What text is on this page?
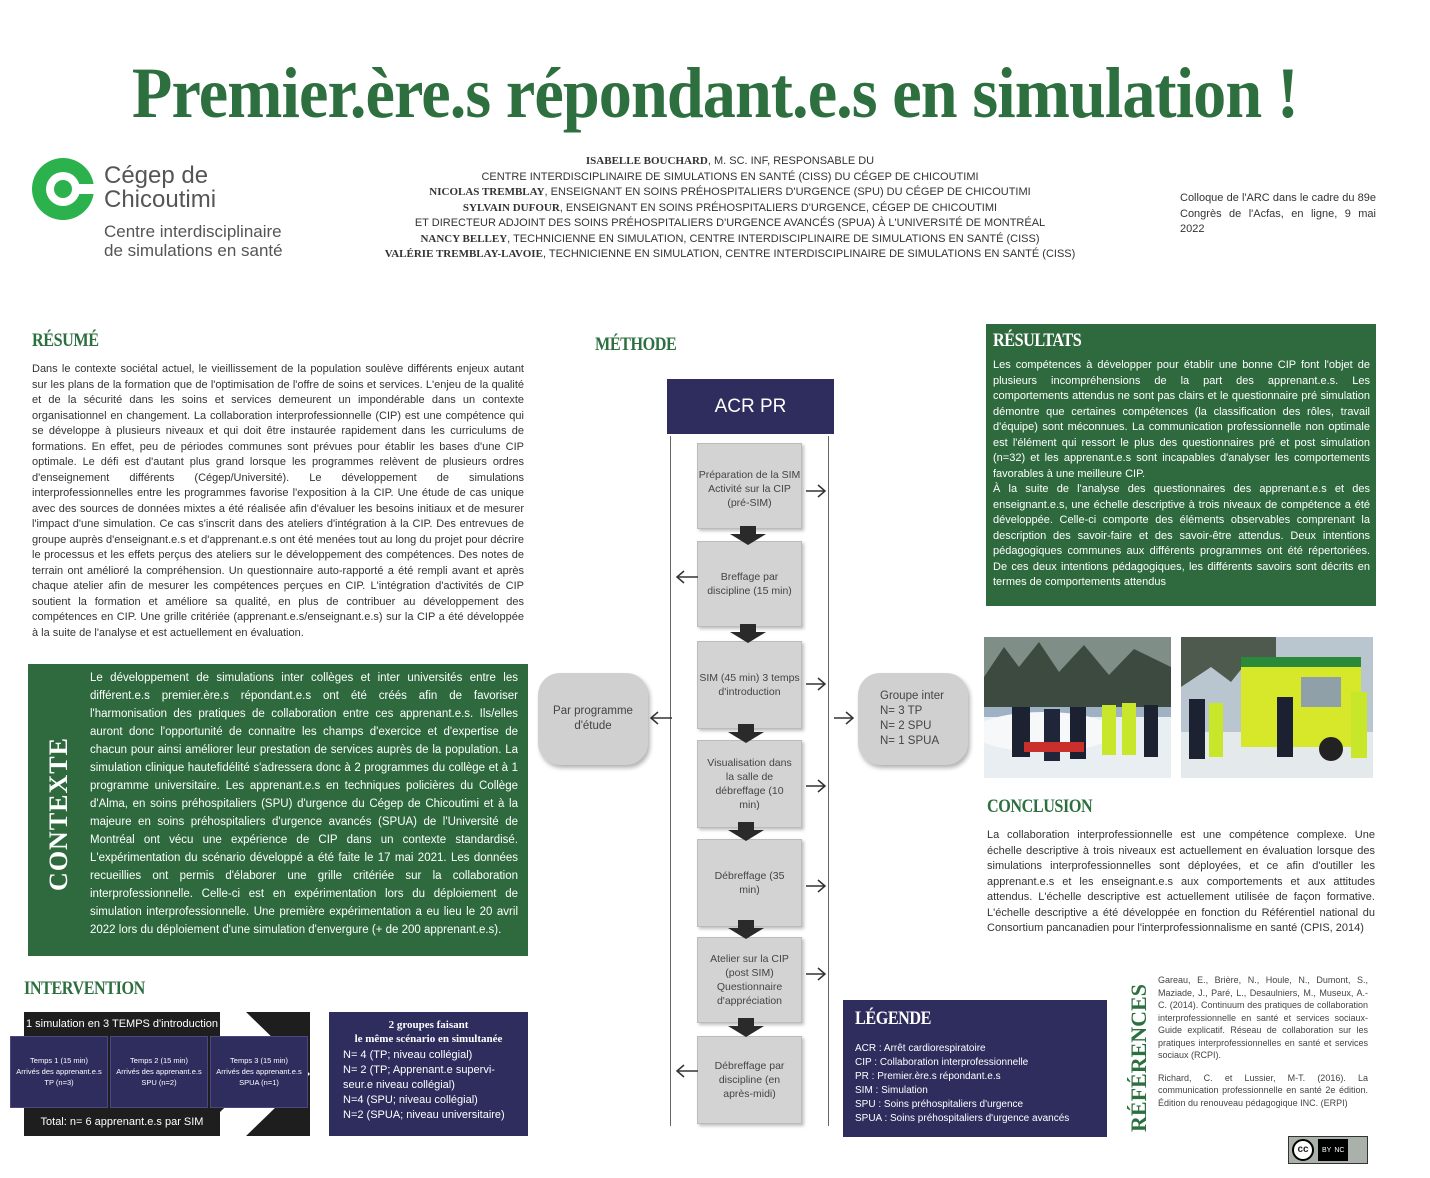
Premier.ère.s répondant.e.s en simulation !
Cégep de
Chicoutimi
Centre interdisciplinaire
de simulations en santé
ISABELLE BOUCHARD, M. SC. INF, RESPONSABLE DU
CENTRE INTERDISCIPLINAIRE DE SIMULATIONS EN SANTÉ (CISS) DU CÉGEP DE CHICOUTIMI
NICOLAS TREMBLAY, ENSEIGNANT EN SOINS PRÉHOSPITALIERS D'URGENCE (SPU) DU CÉGEP DE CHICOUTIMI
SYLVAIN DUFOUR, ENSEIGNANT EN SOINS PRÉHOSPITALIERS D'URGENCE, CÉGEP DE CHICOUTIMI
ET DIRECTEUR ADJOINT DES SOINS PRÉHOSPITALIERS D'URGENCE AVANCÉS (SPUA) À L'UNIVERSITÉ DE MONTRÉAL
NANCY BELLEY, TECHNICIENNE EN SIMULATION, CENTRE INTERDISCIPLINAIRE DE SIMULATIONS EN SANTÉ (CISS)
VALÉRIE TREMBLAY-LAVOIE, TECHNICIENNE EN SIMULATION, CENTRE INTERDISCIPLINAIRE DE SIMULATIONS EN SANTÉ (CISS)
Colloque de l'ARC dans le cadre du 89e Congrès de l'Acfas, en ligne, 9 mai 2022
RÉSUMÉ
Dans le contexte sociétal actuel, le vieillissement de la population soulève différents enjeux autant sur les plans de la formation que de l'optimisation de l'offre de soins et services. L'enjeu de la qualité et de la sécurité dans les soins et services demeurent un impondérable dans un contexte organisationnel en changement. La collaboration interprofessionnelle (CIP) est une compétence qui se développe à plusieurs niveaux et qui doit être instaurée rapidement dans les curriculums de formations. En effet, peu de périodes communes sont prévues pour établir les bases d'une CIP optimale. Le défi est d'autant plus grand lorsque les programmes relèvent de plusieurs ordres d'enseignement différents (Cégep/Université). Le développement de simulations interprofessionnelles entre les programmes favorise l'exposition à la CIP. Une étude de cas unique avec des sources de données mixtes a été réalisée afin d'évaluer les besoins initiaux et de mesurer l'impact d'une simulation. Ce cas s'inscrit dans des ateliers d'intégration à la CIP. Des entrevues de groupe auprès d'enseignant.e.s et d'apprenant.e.s ont été menées tout au long du projet pour décrire le processus et les effets perçus des ateliers sur le développement des compétences. Des notes de terrain ont amélioré la compréhension. Un questionnaire auto-rapporté a été rempli avant et après chaque atelier afin de mesurer les compétences perçues en CIP. L'intégration d'activités de CIP soutient la formation et améliore sa qualité, en plus de contribuer au développement des compétences en CIP. Une grille critériée (apprenant.e.s/enseignant.e.s) sur la CIP a été développée à la suite de l'analyse et est actuellement en évaluation.
CONTEXTE
Le développement de simulations inter collèges et inter universités entre les différent.e.s premier.ère.s répondant.e.s ont été créés afin de favoriser l'harmonisation des pratiques de collaboration entre ces apprenant.e.s. Ils/elles auront donc l'opportunité de connaitre les champs d'exercice et d'expertise de chacun pour ainsi améliorer leur prestation de services auprès de la population. La simulation clinique hautefidélité s'adressera donc à 2 programmes du collège et à 1 programme universitaire. Les apprenant.e.s en techniques policières du Collège d'Alma, en soins préhospitaliers (SPU) d'urgence du Cégep de Chicoutimi et à la majeure en soins préhospitaliers d'urgence avancés (SPUA) de l'Université de Montréal ont vécu une expérience de CIP dans un contexte standardisé. L'expérimentation du scénario développé a été faite le 17 mai 2021. Les données recueillies ont permis d'élaborer une grille critériée sur la collaboration interprofessionnelle. Celle-ci est en expérimentation lors du déploiement de simulation interprofessionnelle. Une première expérimentation a eu lieu le 20 avril 2022 lors du déploiement d'une simulation d'envergure (+ de 200 apprenant.e.s).
INTERVENTION
1 simulation en 3 TEMPS d'introduction
Temps 1 (15 min)
Arrivés des apprenant.e.s
TP (n=3)
Temps 2 (15 min)
Arrivés des apprenant.e.s
SPU (n=2)
Temps 3 (15 min)
Arrivés des apprenant.e.s
SPUA (n=1)
Total: n= 6 apprenant.e.s par SIM
2 groupes faisant
le même scénario en simultanée
N= 4 (TP; niveau collégial)
N= 2 (TP; Apprenant.e supervi-seur.e niveau collégial)
N=4 (SPU; niveau collégial)
N=2 (SPUA; niveau universitaire)
MÉTHODE
ACR PR
Préparation de la SIM Activité sur la CIP (pré-SIM)
Breffage par discipline (15 min)
SIM (45 min) 3 temps d'introduction
Visualisation dans la salle de débreffage (10 min)
Débreffage (35 min)
Atelier sur la CIP (post SIM) Questionnaire d'appréciation
Débreffage par discipline (en après-midi)
Par programme d'étude
Groupe inter
N= 3 TP
N= 2 SPU
N= 1 SPUA
RÉSULTATS
Les compétences à développer pour établir une bonne CIP font l'objet de plusieurs incompréhensions de la part des apprenant.e.s. Les comportements attendus ne sont pas clairs et le questionnaire pré simulation démontre que certaines compétences (la classification des rôles, travail d'équipe) sont méconnues. La communication professionnelle non optimale est l'élément qui ressort le plus des questionnaires pré et post simulation (n=32) et les apprenant.e.s sont incapables d'analyser les comportements favorables à une meilleure CIP.
À la suite de l'analyse des questionnaires des apprenant.e.s et des enseignant.e.s, une échelle descriptive à trois niveaux de compétence a été développée. Celle-ci comporte des éléments observables comprenant la description des savoir-faire et des savoir-être attendus. Deux intentions pédagogiques communes aux différents programmes ont été répertoriées. De ces deux intentions pédagogiques, les différents savoirs sont décrits en termes de comportements attendus
CONCLUSION
La collaboration interprofessionnelle est une compétence complexe. Une échelle descriptive à trois niveaux est actuellement en évaluation lorsque des simulations interprofessionnelles sont déployées, et ce afin d'outiller les apprenant.e.s et les enseignant.e.s aux comportements et aux attitudes attendus. L'échelle descriptive est actuellement utilisée de façon formative. L'échelle descriptive a été développée en fonction du Référentiel national du Consortium pancanadien pour l'interprofessionnalisme en santé (CPIS, 2014)
LÉGENDE
ACR : Arrêt cardiorespiratoire
CIP : Collaboration interprofessionnelle
PR : Premier.ère.s répondant.e.s
SIM : Simulation
SPU : Soins préhospitaliers d'urgence
SPUA : Soins préhospitaliers d'urgence avancés	RÉFÉRENCES
Gareau, E., Brière, N., Houle, N., Dumont, S., Maziade, J., Paré, L., Desaulniers, M., Museux, A.-C. (2014). Continuum des pratiques de collaboration interprofessionnelle en santé et services sociaux-Guide explicatif. Réseau de collaboration sur les pratiques interprofessionnelles en santé et services sociaux (RCPI).
Richard, C. et Lussier, M-T. (2016). La communication professionnelle en santé 2e édition. Édition du renouveau pédagogique INC. (ERPI)
cc	BY NC
